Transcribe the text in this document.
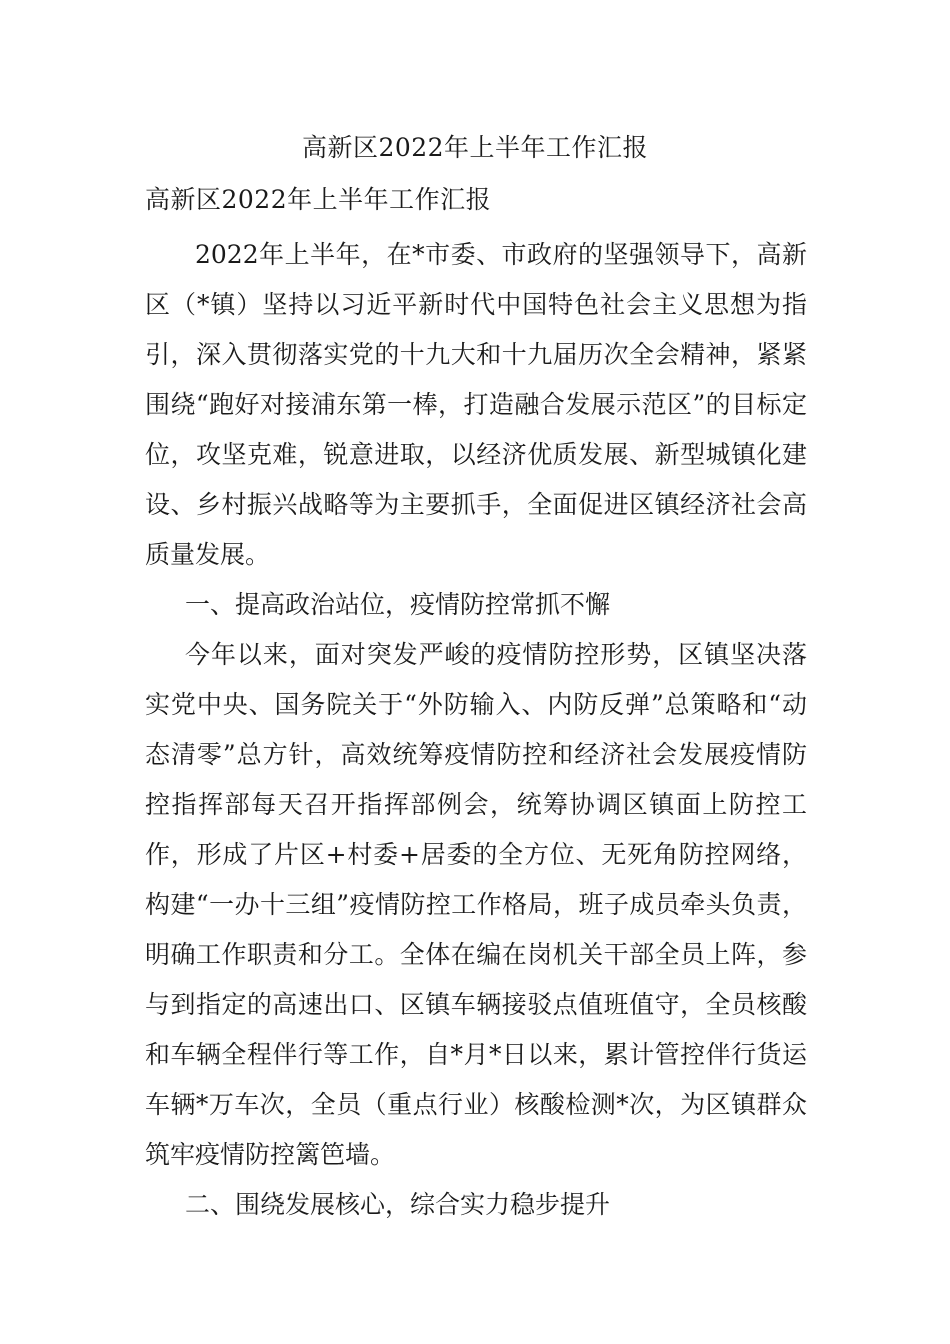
高新区2022年上半年工作汇报
高新区2022年上半年工作汇报

2022年上半年，在*市委、市政府的坚强领导下，高新区（*镇）坚持以习近平新时代中国特色社会主义思想为指引，深入贯彻落实党的十九大和十九届历次全会精神，紧紧围绕“跑好对接浦东第一棒，打造融合发展示范区”的目标定位，攻坚克难，锐意进取，以经济优质发展、新型城镇化建设、乡村振兴战略等为主要抓手，全面促进区镇经济社会高质量发展。

一、提高政治站位，疫情防控常抓不懈

今年以来，面对突发严峻的疫情防控形势，区镇坚决落实党中央、国务院关于“外防输入、内防反弹”总策略和“动态清零”总方针，高效统筹疫情防控和经济社会发展疫情防控指挥部每天召开指挥部例会，统筹协调区镇面上防控工作，形成了片区+村委+居委的全方位、无死角防控网络，构建“一办十三组”疫情防控工作格局，班子成员牵头负责，明确工作职责和分工。全体在编在岗机关干部全员上阵，参与到指定的高速出口、区镇车辆接驳点值班值守，全员核酸和车辆全程伴行等工作，自*月*日以来，累计管控伴行货运车辆*万车次，全员（重点行业）核酸检测*次，为区镇群众筑牢疫情防控篱笆墙。

二、围绕发展核心，综合实力稳步提升
